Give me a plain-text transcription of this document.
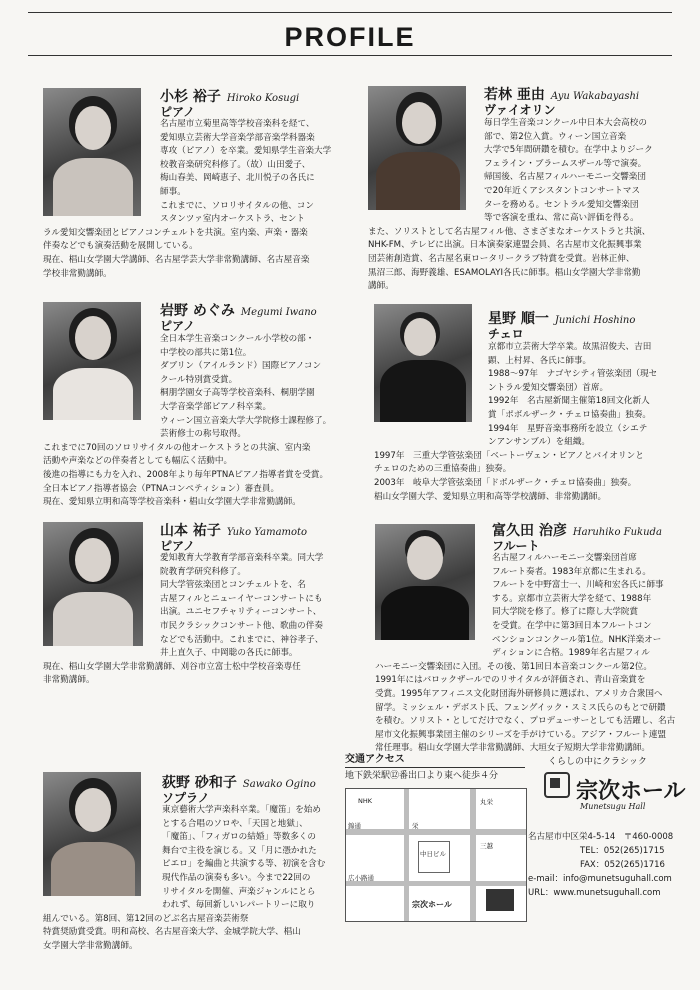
PROFILE
小杉 裕子 Hiroko Kosugi
ピアノ
名古屋市立菊里高等学校音楽科を経て、
愛知県立芸術大学音楽学部音楽学科器楽
専攻（ピアノ）を卒業。愛知県学生音楽大学
校教音楽研究科修了。（故）山田愛子、
梅山春美、岡崎恵子、北川悦子の各氏に
師事。
これまでに、ソロリサイタルの他、コン
スタンツァ室内オーケストラ、セント
ラル愛知交響楽団とピアノコンチェルトを共演。室内楽、声楽・器楽
伴奏などでも演奏活動を展開している。
現在、椙山女学園大学講師、名古屋学芸大学非常勤講師、名古屋音楽
学校非常勤講師。
若林 亜由 Ayu Wakabayashi
ヴァイオリン
毎日学生音楽コンクール中日本大会高校の
部で、第2位入賞。ウィーン国立音楽
大学で5年間研鑽を積む。在学中よりジーク
フェライン・ブラームスザール等で演奏。
帰国後、名古屋フィルハーモニー交響楽団
で20年近くアシスタントコンサートマス
ターを務める。セントラル愛知交響楽団
等で客演を重ね、常に高い評価を得る。
また、ソリストとして名古屋フィル他、さまざまなオーケストラと共演、
NHK-FM、テレビに出演。日本演奏家連盟会員、名古屋市文化振興事業
団芸術創造賞、名古屋名東ロータリークラブ特賞を受賞。岩林正伸、
黒沼三郎、海野義雄、ESAMOLAYI各氏に師事。椙山女学園大学非常勤
講師。
岩野 めぐみ Megumi Iwano
ピアノ
全日本学生音楽コンクール小学校の部・
中学校の部共に第1位。
ダブリン（アイルランド）国際ピアノコン
クール特別賞受賞。
桐朋学園女子高等学校音楽科、桐朋学園
大学音楽学部ピアノ科卒業。
ウィーン国立音楽大学大学院修士課程修了。
芸術修士の称号取得。
これまでに70回のソロリサイタルの他オーケストラとの共演、室内楽
活動や声楽などの伴奏者としても幅広く活動中。
後進の指導にも力を入れ、2008年より毎年PTNAピアノ指導者賞を受賞。
全日本ピアノ指導者協会（PTNAコンペティション）審査員。
現在、愛知県立明和高等学校音楽科・椙山女学園大学非常勤講師。
星野 順一 Junichi Hoshino
チェロ
京都市立芸術大学卒業。故黒沼俊夫、吉田
顕、上村昇、各氏に師事。
1988～97年　ナゴヤシティ管弦楽団（現セ
ントラル愛知交響楽団）首席。
1992年　名古屋新聞主催第18回文化新人
賞「ポボルザーク・チェロ協奏曲」独奏。
1994年　星野音楽事務所を設立（シエテ
ンアンサンブル）を組織。
1997年　三重大学管弦楽団「ベートーヴェン・ピアノとバイオリンと
チェロのための三重協奏曲」独奏。
2003年　岐阜大学管弦楽団「ドボルザーク・チェロ協奏曲」独奏。
椙山女学園大学、愛知県立明和高等学校講師、非常勤講師。
山本 祐子 Yuko Yamamoto
ピアノ
愛知教育大学教育学部音楽科卒業。同大学
院教育学研究科修了。
同大学管弦楽団とコンチェルトを、名
古屋フィルとニューイヤーコンサートにも
出演。ユニセフチャリティーコンサート、
市民クラシックコンサート他、歌曲の伴奏
などでも活動中。これまでに、神谷孝子、
井上直久子、中岡聡の各氏に師事。
現在、椙山女学園大学非常勤講師、刈谷市立富士松中学校音楽専任
非常勤講師。
富久田 治彦 Haruhiko Fukuda
フルート
名古屋フィルハーモニー交響楽団首席
フルート奏者。1983年京都に生まれる。
フルートを中野富士一、川崎和宏各氏に師事
する。京都市立芸術大学を経て、1988年
同大学院を修了。修了に際し大学院賞
を受賞。在学中に第3回日本フルートコン
ベンションコンクール第1位。NHK洋楽オー
ディションに合格。1989年名古屋フィル
ハーモニー交響楽団に入団。その後、第1回日本音楽コンクール第2位。
1991年にはバロックザールでのリサイタルが評価され、青山音楽賞を
受賞。1995年アフィニス文化財団海外研修員に選ばれ、アメリカ合衆国へ
留学。ミッシェル・デボスト氏、フェングイック・スミス氏らのもとで研鑽
を積む。ソリスト・としてだけでなく、プロデューサーとしても活躍し、名古
屋市文化振興事業団主催のシリーズを手がけている。アジア・フルート連盟
常任理事。椙山女学園大学非常勤講師、大垣女子短期大学非常勤講師。
荻野 砂和子 Sawako Ogino
ソプラノ
東京藝術大学声楽科卒業。「魔笛」を始め
とする合唱のソロや、「天国と地獄」、
「魔笛」、「フィガロの結婚」等数多くの
舞台で主役を演じる。又「月に憑かれた
ピエロ」を編曲と共演する等、初演を含む
現代作品の演奏も多い。今まで22回の
リサイタルを開催、声楽ジャンルにとら
われず、毎回新しいレパートリーに取り
組んでいる。第8回、第12回のどぶ名古屋音楽芸術祭
特賞奨励賞受賞。明和高校、名古屋音楽大学、金城学院大学、椙山
女学園大学非常勤講師。
交通アクセス
地下鉄栄駅⑫番出口より東へ徒歩４分
宗次ホール
栄
錦通
広小路通
NHK
中日ビル
三越
丸栄
くらしの中にクラシック
宗次ホール
Munetsugu Hall
名古屋市中区栄4-5-14　〒460-0008
TEL：052(265)1715
FAX：052(265)1716
e-mail：info@munetsuguhall.com
URL：www.munetsuguhall.com
